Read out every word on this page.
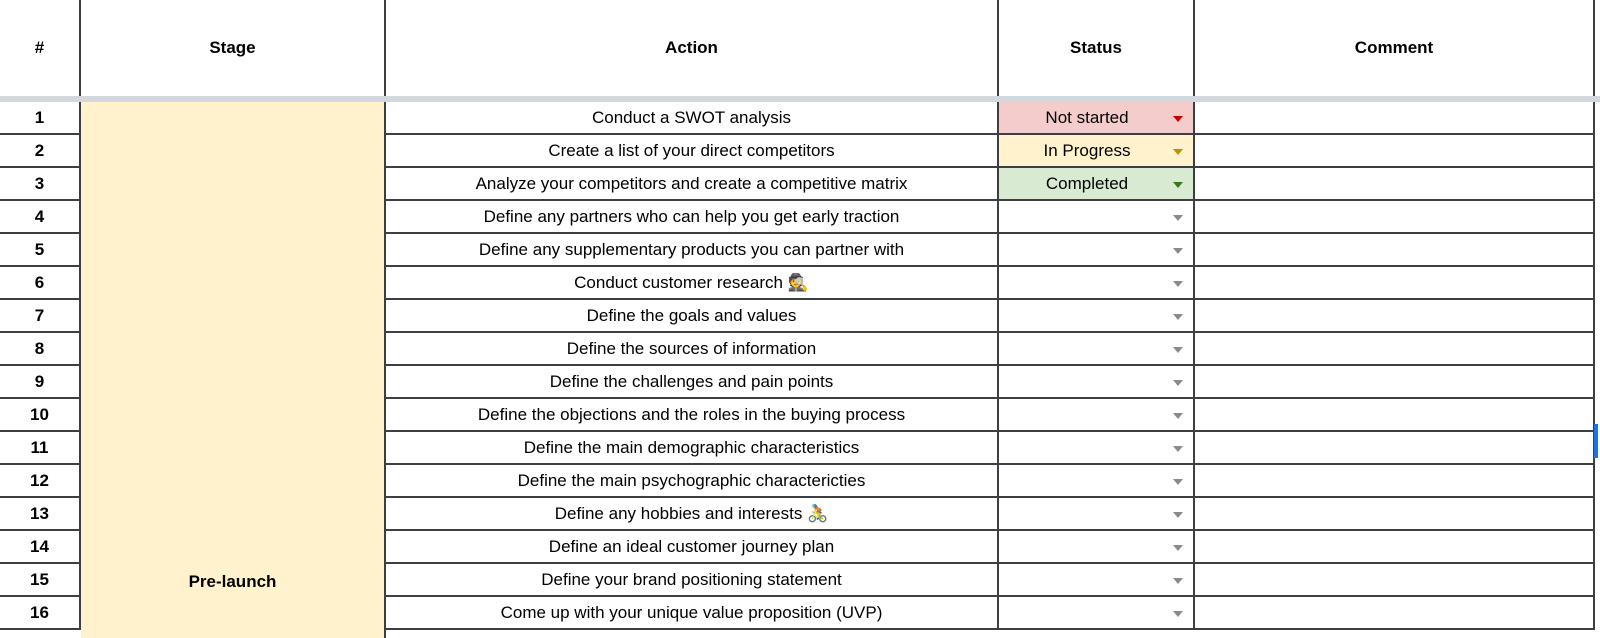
#	Stage	Action	Status	Comment
Pre-launch
1	Conduct a SWOT analysis	Not started
2	Create a list of your direct competitors	In Progress
3	Analyze your competitors and create a competitive matrix	Completed
4	Define any partners who can help you get early traction
5	Define any supplementary products you can partner with
6	Conduct customer research 🕵
7	Define the goals and values
8	Define the sources of information
9	Define the challenges and pain points
10	Define the objections and the roles in the buying process
11	Define the main demographic characteristics
12	Define the main psychographic charactericties
13	Define any hobbies and interests 🚴
14	Define an ideal customer journey plan
15	Define your brand positioning statement
16	Come up with your unique value proposition (UVP)
